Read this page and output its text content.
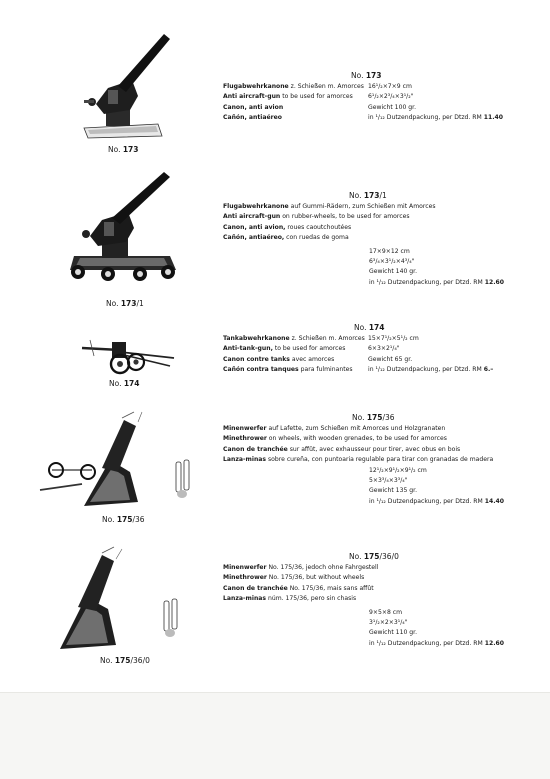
No. 173
No. 173
Flugabwehrkanone z. Schießen m. Amorces 16¹/₂×7×9 cm
Anti aircraft-gun to be used for amorces	6¹/₂×2³/₄×3¹/₂"
Canon, anti avion	Gewicht 100 gr.
Cañón, antiaéreo	in ¹/₁₂ Dutzendpackung, per Dtzd. RM 11.40
No. 173/1
No. 173/1
Flugabwehrkanone auf Gummi-Rädern, zum Schießen mit Amorces
Anti aircraft-gun on rubber-wheels, to be used for amorces
Canon, anti avion, roues caoutchoutées
Cañón, antiaéreo, con ruedas de goma
17×9×12 cm
6³/₄×3¹/₂×4³/₄"
Gewicht 140 gr.
in ¹/₁₂ Dutzendpackung, per Dtzd. RM 12.60
No. 174
No. 174
Tankabwehrkanone z. Schießen m. Amorces 15×7¹/₂×5¹/₂ cm
Anti-tank-gun, to be used for amorces	6×3×2¹/₄"
Canon contre tanks avec amorces	Gewicht 65 gr.
Cañón contra tanques para fulminantes	in ¹/₁₂ Dutzendpackung, per Dtzd. RM 6.–
No. 175/36
No. 175/36
Minenwerfer auf Lafette, zum Schießen mit Amorces und Holzgranaten
Minethrower on wheels, with wooden grenades, to be used for amorces
Canon de tranchée sur affût, avec exhausseur pour tirer, avec obus en bois
Lanza-minas sobre cureña, con puntoaria regulable para tirar con granadas de madera
12¹/₂×9¹/₂×9¹/₂ cm
5×3³/₄×3³/₄"
Gewicht 135 gr.
in ¹/₁₂ Dutzendpackung, per Dtzd. RM 14.40
No. 175/36/0
No. 175/36/0
Minenwerfer No. 175/36, jedoch ohne Fahrgestell
Minethrower No. 175/36, but without wheels
Canon de tranchée No. 175/36, mais sans affût
Lanza-minas núm. 175/36, pero sin chasis
9×5×8 cm
3¹/₂×2×3¹/₄"
Gewicht 110 gr.
in ¹/₁₂ Dutzendpackung, per Dtzd. RM 12.60
